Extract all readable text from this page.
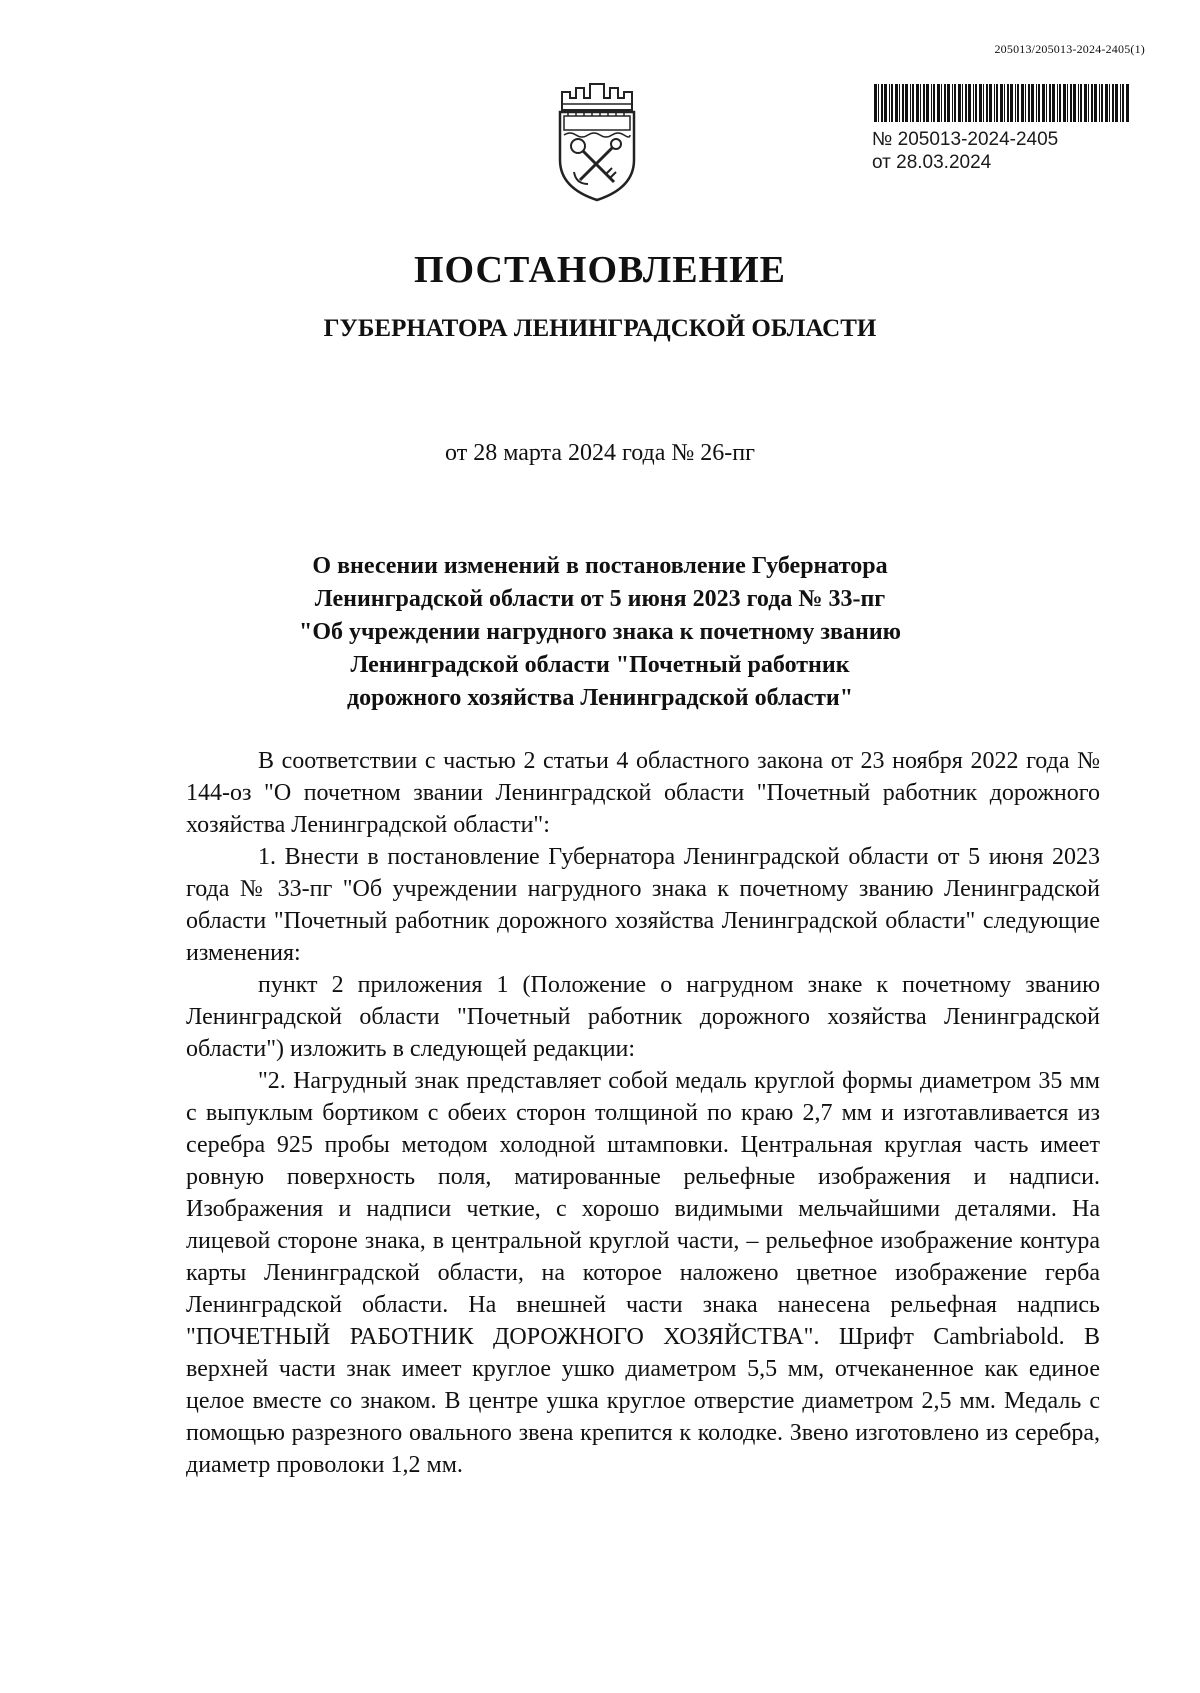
205013/205013-2024-2405(1)
№ 205013-2024-2405
от 28.03.2024
ПОСТАНОВЛЕНИЕ
ГУБЕРНАТОРА ЛЕНИНГРАДСКОЙ ОБЛАСТИ
от 28 марта 2024 года № 26-пг
О внесении изменений в постановление Губернатора
Ленинградской области от 5 июня 2023 года № 33-пг
"Об учреждении нагрудного знака к почетному званию
Ленинградской области "Почетный работник
дорожного хозяйства Ленинградской области"

В соответствии с частью 2 статьи 4 областного закона от 23 ноября 2022 года № 144-оз "О почетном звании Ленинградской области "Почетный работник дорожного хозяйства Ленинградской области":

1. Внести в постановление Губернатора Ленинградской области от 5 июня 2023 года № 33-пг "Об учреждении нагрудного знака к почетному званию Ленинградской области "Почетный работник дорожного хозяйства Ленинградской области" следующие изменения:

пункт 2 приложения 1 (Положение о нагрудном знаке к почетному званию Ленинградской области "Почетный работник дорожного хозяйства Ленинградской области") изложить в следующей редакции:

"2. Нагрудный знак представляет собой медаль круглой формы диаметром 35 мм с выпуклым бортиком с обеих сторон толщиной по краю 2,7 мм и изготавливается из серебра 925 пробы методом холодной штамповки. Центральная круглая часть имеет ровную поверхность поля, матированные рельефные изображения и надписи. Изображения и надписи четкие, с хорошо видимыми мельчайшими деталями. На лицевой стороне знака, в центральной круглой части, – рельефное изображение контура карты Ленинградской области, на которое наложено цветное изображение герба Ленинградской области. На внешней части знака нанесена рельефная надпись "ПОЧЕТНЫЙ РАБОТНИК ДОРОЖНОГО ХОЗЯЙСТВА". Шрифт Cambriabold. В верхней части знак имеет круглое ушко диаметром 5,5 мм, отчеканенное как единое целое вместе со знаком. В центре ушка круглое отверстие диаметром 2,5 мм. Медаль с помощью разрезного овального звена крепится к колодке. Звено изготовлено из серебра, диаметр проволоки 1,2 мм.
